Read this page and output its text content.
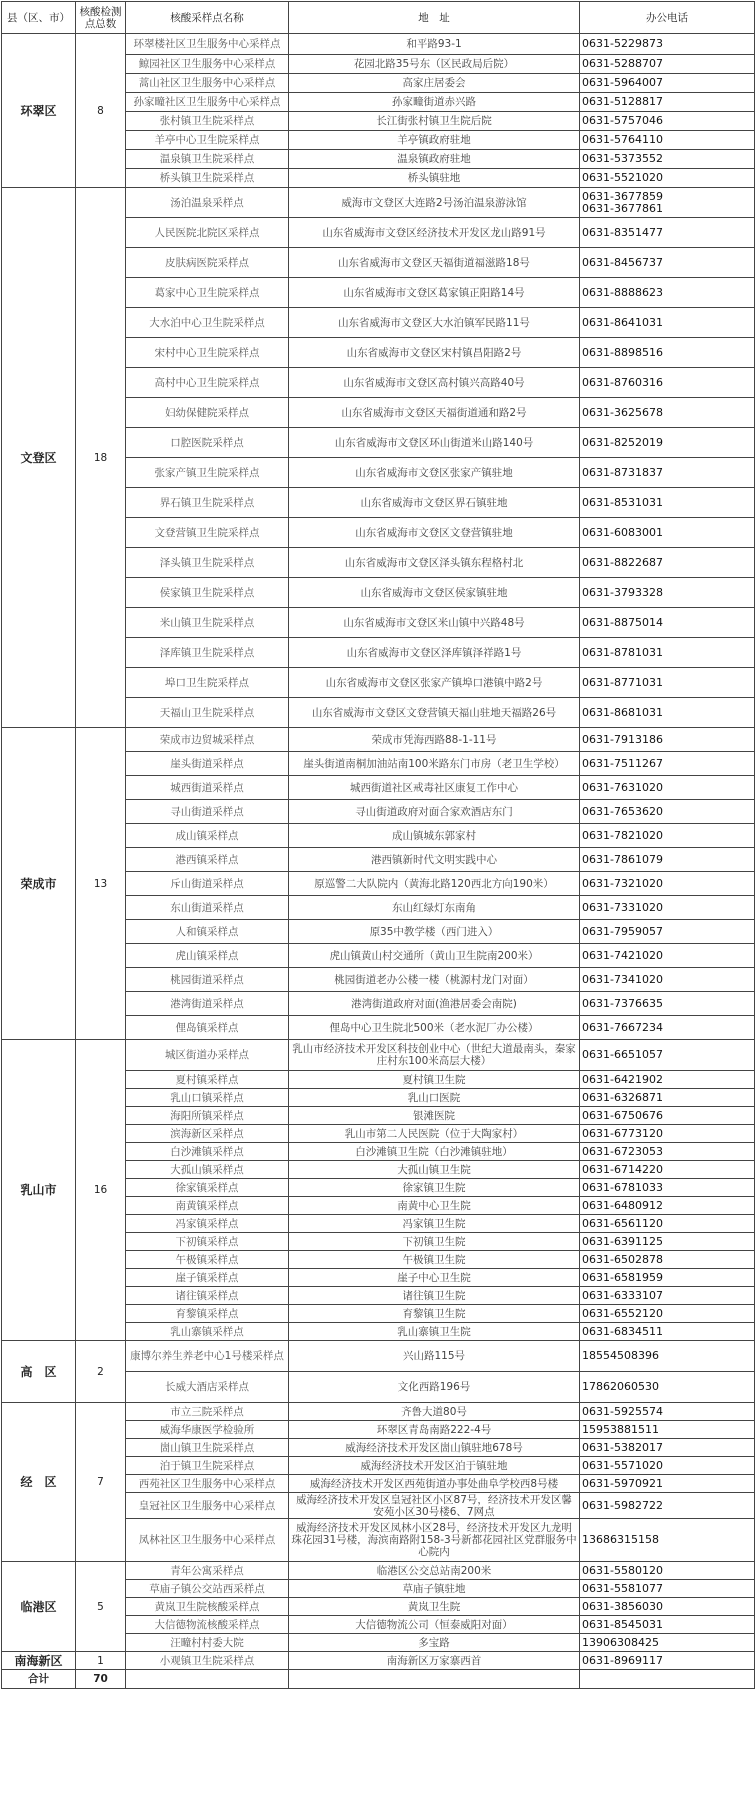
县（区、市）	核酸检测点总数	核酸采样点名称	地　址	办公电话
环翠区	8	环翠楼社区卫生服务中心采样点	和平路93-1	0631-5229873
		鲸园社区卫生服务中心采样点	花园北路35号东（区民政局后院）	0631-5288707
		蒿山社区卫生服务中心采样点	高家庄居委会	0631-5964007
		孙家疃社区卫生服务中心采样点	孙家疃街道赤兴路	0631-5128817
		张村镇卫生院采样点	长江街张村镇卫生院后院	0631-5757046
		羊亭中心卫生院采样点	羊亭镇政府驻地	0631-5764110
		温泉镇卫生院采样点	温泉镇政府驻地	0631-5373552
		桥头镇卫生院采样点	桥头镇驻地	0631-5521020
文登区	18	汤泊温泉采样点	威海市文登区大连路2号汤泊温泉游泳馆	0631-3677859
0631-3677861
		人民医院北院区采样点	山东省威海市文登区经济技术开发区龙山路91号	0631-8351477
		皮肤病医院采样点	山东省威海市文登区天福街道福滋路18号	0631-8456737
		葛家中心卫生院采样点	山东省威海市文登区葛家镇正阳路14号	0631-8888623
		大水泊中心卫生院采样点	山东省威海市文登区大水泊镇军民路11号	0631-8641031
		宋村中心卫生院采样点	山东省威海市文登区宋村镇昌阳路2号	0631-8898516
		高村中心卫生院采样点	山东省威海市文登区高村镇兴高路40号	0631-8760316
		妇幼保健院采样点	山东省威海市文登区天福街道通和路2号	0631-3625678
		口腔医院采样点	山东省威海市文登区环山街道米山路140号	0631-8252019
		张家产镇卫生院采样点	山东省威海市文登区张家产镇驻地	0631-8731837
		界石镇卫生院采样点	山东省威海市文登区界石镇驻地	0631-8531031
		文登营镇卫生院采样点	山东省威海市文登区文登营镇驻地	0631-6083001
		泽头镇卫生院采样点	山东省威海市文登区泽头镇东程格村北	0631-8822687
		侯家镇卫生院采样点	山东省威海市文登区侯家镇驻地	0631-3793328
		米山镇卫生院采样点	山东省威海市文登区米山镇中兴路48号	0631-8875014
		泽库镇卫生院采样点	山东省威海市文登区泽库镇泽祥路1号	0631-8781031
		埠口卫生院采样点	山东省威海市文登区张家产镇埠口港镇中路2号	0631-8771031
		天福山卫生院采样点	山东省威海市文登区文登营镇天福山驻地天福路26号	0631-8681031
荣成市	13	荣成市边贸城采样点	荣成市凭海西路88-1-11号	0631-7913186
		崖头街道采样点	崖头街道南桐加油站南100米路东门市房（老卫生学校）	0631-7511267
		城西街道采样点	城西街道社区戒毒社区康复工作中心	0631-7631020
		寻山街道采样点	寻山街道政府对面合家欢酒店东门	0631-7653620
		成山镇采样点	成山镇城东郭家村	0631-7821020
		港西镇采样点	港西镇新时代文明实践中心	0631-7861079
		斥山街道采样点	原巡警二大队院内（黄海北路120西北方向190米）	0631-7321020
		东山街道采样点	东山红绿灯东南角	0631-7331020
		人和镇采样点	原35中教学楼（西门进入）	0631-7959057
		虎山镇采样点	虎山镇黄山村交通所（黄山卫生院南200米）	0631-7421020
		桃园街道采样点	桃园街道老办公楼一楼（桃源村龙门对面）	0631-7341020
		港湾街道采样点	港湾街道政府对面(渔港居委会南院)	0631-7376635
		俚岛镇采样点	俚岛中心卫生院北500米（老水泥厂办公楼）	0631-7667234
乳山市	16	城区街道办采样点	乳山市经济技术开发区科技创业中心（世纪大道最南头，秦家庄村东100米高层大楼）	0631-6651057
		夏村镇采样点	夏村镇卫生院	0631-6421902
		乳山口镇采样点	乳山口医院	0631-6326871
		海阳所镇采样点	银滩医院	0631-6750676
		滨海新区采样点	乳山市第二人民医院（位于大陶家村）	0631-6773120
		白沙滩镇采样点	白沙滩镇卫生院（白沙滩镇驻地）	0631-6723053
		大孤山镇采样点	大孤山镇卫生院	0631-6714220
		徐家镇采样点	徐家镇卫生院	0631-6781033
		南黄镇采样点	南黄中心卫生院	0631-6480912
		冯家镇采样点	冯家镇卫生院	0631-6561120
		下初镇采样点	下初镇卫生院	0631-6391125
		午极镇采样点	午极镇卫生院	0631-6502878
		崖子镇采样点	崖子中心卫生院	0631-6581959
		诸往镇采样点	诸往镇卫生院	0631-6333107
		育黎镇采样点	育黎镇卫生院	0631-6552120
		乳山寨镇采样点	乳山寨镇卫生院	0631-6834511
高　区	2	康博尔养生养老中心1号楼采样点	兴山路115号	18554508396
		长威大酒店采样点	文化西路196号	17862060530
经　区	7	市立三院采样点	齐鲁大道80号	0631-5925574
		威海华康医学检验所	环翠区青岛南路222-4号	15953881511
		崮山镇卫生院采样点	威海经济技术开发区崮山镇驻地678号	0631-5382017
		泊于镇卫生院采样点	威海经济技术开发区泊于镇驻地	0631-5571020
		西苑社区卫生服务中心采样点	威海经济技术开发区西苑街道办事处曲阜学校西8号楼	0631-5970921
		皇冠社区卫生服务中心采样点	威海经济技术开发区皇冠社区小区87号，经济技术开发区馨安苑小区30号楼6、7网点	0631-5982722
		凤林社区卫生服务中心采样点	威海经济技术开发区凤林小区28号，经济技术开发区九龙明珠花园31号楼，海滨南路附158-3号新都花园社区党群服务中心院内	13686315158
临港区	5	青年公寓采样点	临港区公交总站南200米	0631-5580120
		草庙子镇公交站西采样点	草庙子镇驻地	0631-5581077
		黄岚卫生院核酸采样点	黄岚卫生院	0631-3856030
		大信德物流核酸采样点	大信德物流公司（恒泰威阳对面）	0631-8545031
		汪疃村村委大院	多宝路	13906308425
南海新区	1	小观镇卫生院采样点	南海新区万家寨西首	0631-8969117
合计	70			
